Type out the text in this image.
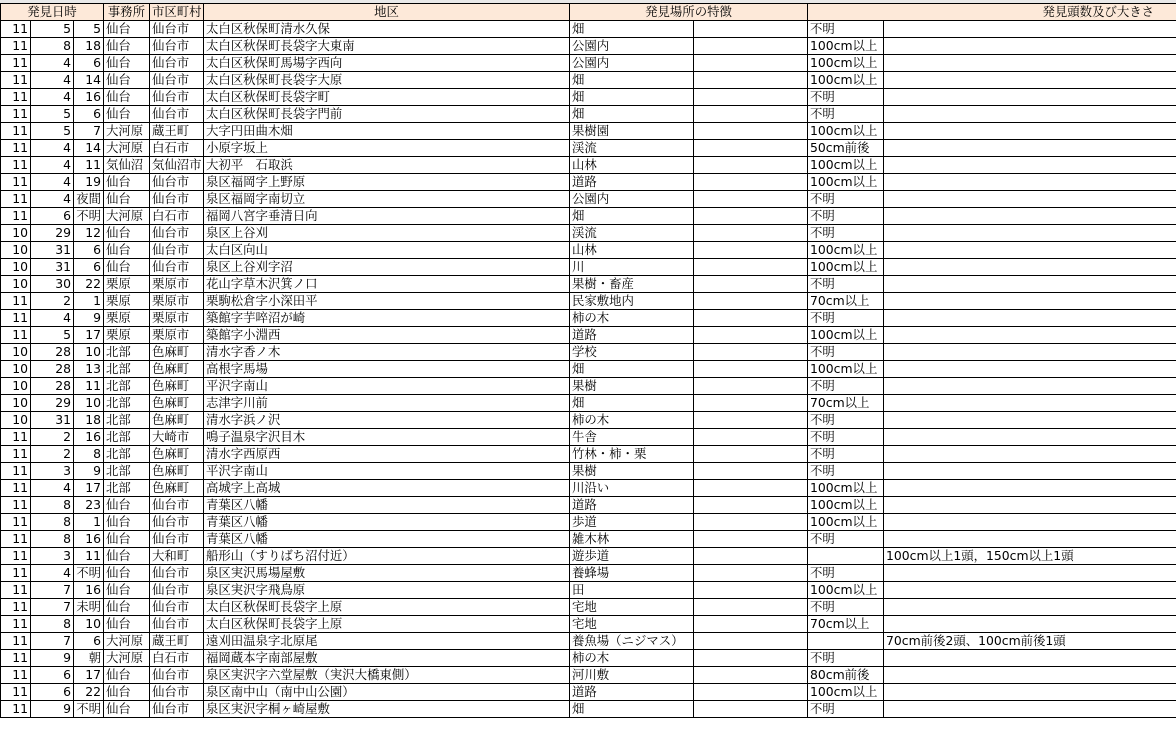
発見日時			事務所	市区町村	地区	発見場所の特徴		発見頭数及び大きさ	
11	5	5	仙台	仙台市	太白区秋保町清水久保	畑		不明	
11	8	18	仙台	仙台市	太白区秋保町長袋字大東南	公園内		100cm以上	
11	4	6	仙台	仙台市	太白区秋保町馬場字西向	公園内		100cm以上	
11	4	14	仙台	仙台市	太白区秋保町長袋字大原	畑		100cm以上	
11	4	16	仙台	仙台市	太白区秋保町長袋字町	畑		不明	
11	5	6	仙台	仙台市	太白区秋保町長袋字門前	畑		不明	
11	5	7	大河原	蔵王町	大字円田曲木畑	果樹園		100cm以上	
11	4	14	大河原	白石市	小原字坂上	渓流		50cm前後	
11	4	11	気仙沼	気仙沼市	大初平　石取浜	山林		100cm以上	
11	4	19	仙台	仙台市	泉区福岡字上野原	道路		100cm以上	
11	4	夜間	仙台	仙台市	泉区福岡字南切立	公園内		不明	
11	6	不明	大河原	白石市	福岡八宮字垂清日向	畑		不明	
10	29	12	仙台	仙台市	泉区上谷刈	渓流		不明	
10	31	6	仙台	仙台市	太白区向山	山林		100cm以上	
10	31	6	仙台	仙台市	泉区上谷刈字沼	川		100cm以上	
10	30	22	栗原	栗原市	花山字草木沢箕ノ口	果樹・畜産		不明	
11	2	1	栗原	栗原市	栗駒松倉字小深田平	民家敷地内		70cm以上	
11	4	9	栗原	栗原市	築館字芋啐沼が崎	柿の木		不明	
11	5	17	栗原	栗原市	築館字小淵西	道路		100cm以上	
10	28	10	北部	色麻町	清水字香ノ木	学校		不明	
10	28	13	北部	色麻町	高根字馬場	畑		100cm以上	
10	28	11	北部	色麻町	平沢字南山	果樹		不明	
10	29	10	北部	色麻町	志津字川前	畑		70cm以上	
10	31	18	北部	色麻町	清水字浜ノ沢	柿の木		不明	
11	2	16	北部	大崎市	鳴子温泉字沢目木	牛舎		不明	
11	2	8	北部	色麻町	清水字西原西	竹林・柿・栗		不明	
11	3	9	北部	色麻町	平沢字南山	果樹		不明	
11	4	17	北部	色麻町	高城字上高城	川沿い		100cm以上	
11	8	23	仙台	仙台市	青葉区八幡	道路		100cm以上	
11	8	1	仙台	仙台市	青葉区八幡	歩道		100cm以上	
11	8	16	仙台	仙台市	青葉区八幡	雑木林		不明	
11	3	11	仙台	大和町	船形山（すりばち沼付近）	遊歩道			100cm以上1頭，150cm以上1頭
11	4	不明	仙台	仙台市	泉区実沢馬場屋敷	養蜂場		不明	
11	7	16	仙台	仙台市	泉区実沢字飛鳥原	田		100cm以上	
11	7	未明	仙台	仙台市	太白区秋保町長袋字上原	宅地		不明	
11	8	10	仙台	仙台市	太白区秋保町長袋字上原	宅地		70cm以上	
11	7	6	大河原	蔵王町	遠刈田温泉字北原尾	養魚場（ニジマス）			70cm前後2頭、100cm前後1頭
11	9	朝	大河原	白石市	福岡蔵本字南部屋敷	柿の木		不明	
11	6	17	仙台	仙台市	泉区実沢字六堂屋敷（実沢大橋東側）	河川敷		80cm前後	
11	6	22	仙台	仙台市	泉区南中山（南中山公園）	道路		100cm以上	
11	9	不明	仙台	仙台市	泉区実沢字桐ヶ崎屋敷	畑		不明	
